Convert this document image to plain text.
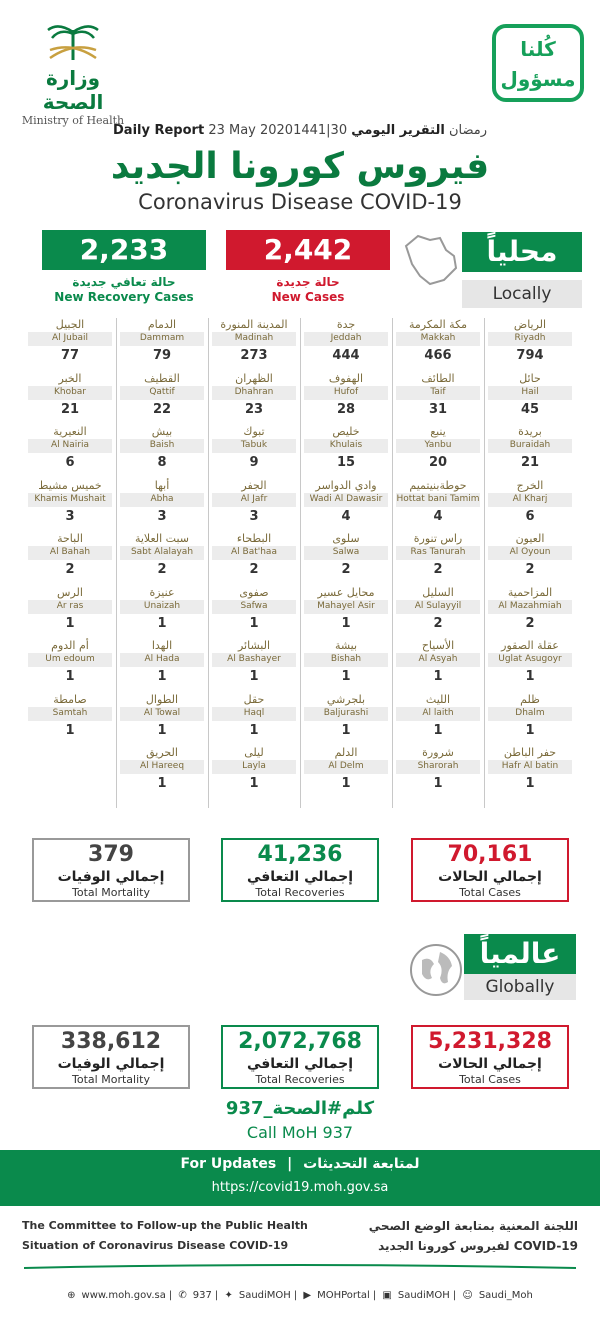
وزارة الصحة
Ministry of Health
كُلنا
مسؤول
Daily Report 23 May 20201441|30 رمضان التقرير اليومي
فيروس كورونا الجديد
Coronavirus Disease COVID-19
2,233
حالة تعافي جديدة
New Recovery Cases
2,442
حالة جديدة
New Cases
محلياً
Locally
الرياض
Riyadh
794
حائل
Hail
45
بريدة
Buraidah
21
الخرج
Al Kharj
6
العيون
Al Oyoun
2
المزاحمية
Al Mazahmiah
2
عقلة الصقور
Uglat Asugoyr
1
ظلم
Dhalm
1
حفر الباطن
Hafr Al batin
1
مكة المكرمة
Makkah
466
الطائف
Taif
31
ينبع
Yanbu
20
حوطةبنيتميم
Hottat bani Tamim
4
راس تنورة
Ras Tanurah
2
السليل
Al Sulayyil
2
الأسياح
Al Asyah
1
الليث
Al laith
1
شرورة
Sharorah
1
جدة
Jeddah
444
الهفوف
Hufof
28
خليص
Khulais
15
وادي الدواسر
Wadi Al Dawasir
4
سلوى
Salwa
2
محايل عسير
Mahayel Asir
1
بيشة
Bishah
1
بلجرشي
Baljurashi
1
الدلم
Al Delm
1
المدينة المنورة
Madinah
273
الظهران
Dhahran
23
تبوك
Tabuk
9
الجفر
Al Jafr
3
البطحاء
Al Bat'haa
2
صفوى
Safwa
1
البشائر
Al Bashayer
1
حقل
Haql
1
ليلى
Layla
1
الدمام
Dammam
79
القطيف
Qattif
22
بيش
Baish
8
أبها
Abha
3
سبت العلاية
Sabt Alalayah
2
عنيزة
Unaizah
1
الهدا
Al Hada
1
الطوال
Al Towal
1
الحريق
Al Hareeq
1
الجبيل
Al Jubail
77
الخبر
Khobar
21
النعيرية
Al Nairia
6
خميس مشيط
Khamis Mushait
3
الباحة
Al Bahah
2
الرس
Ar ras
1
أم الدوم
Um edoum
1
صامطة
Samtah
1
379
إجمالي الوفيات
Total Mortality
41,236
إجمالي التعافي
Total Recoveries
70,161
إجمالي الحالات
Total Cases
عالمياً
Globally
338,612
إجمالي الوفيات
Total Mortality
2,072,768
إجمالي التعافي
Total Recoveries
5,231,328
إجمالي الحالات
Total Cases
كلم#الصحة_937
Call MoH 937
For Updates | لمتابعة التحديثات
https://covid19.moh.gov.sa
The Committee to Follow-up the Public Health
Situation of Coronavirus Disease COVID-19
اللجنة المعنية بمتابعة الوضع الصحي
لفيروس كورونا الجديد COVID-19
⊕ www.moh.gov.sa | ✆ 937 | ✦ SaudiMOH | ▶ MOHPortal | ▣ SaudiMOH | ☺ Saudi_Moh
